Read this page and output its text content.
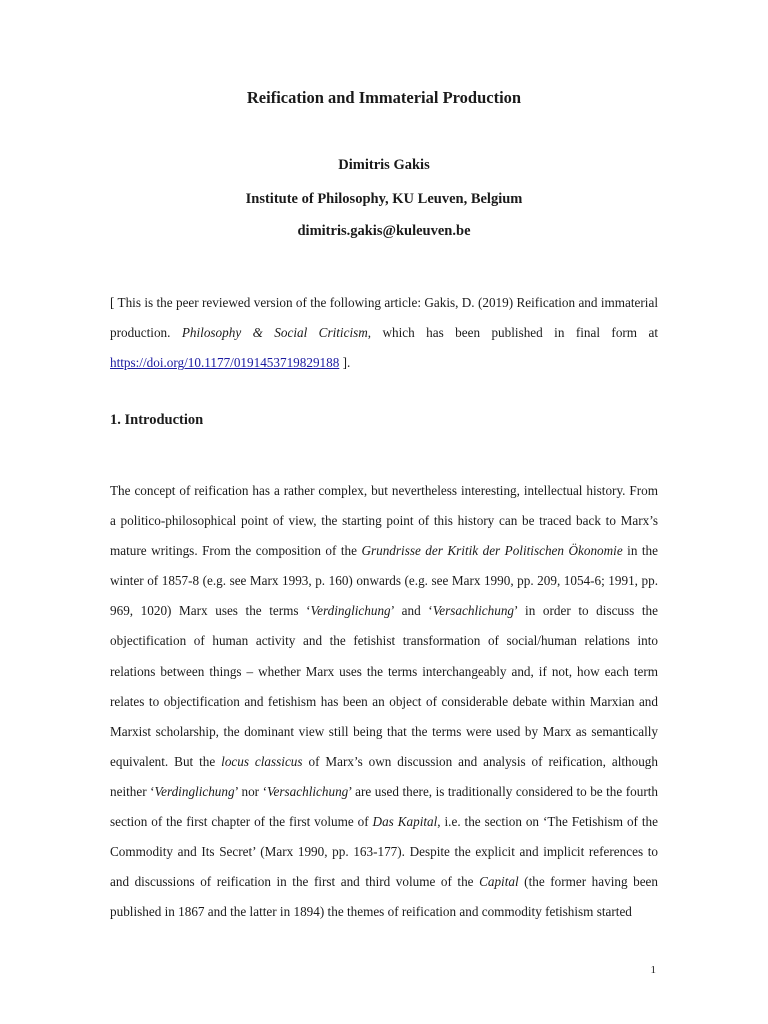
Reification and Immaterial Production
Dimitris Gakis
Institute of Philosophy, KU Leuven, Belgium
dimitris.gakis@kuleuven.be

[ This is the peer reviewed version of the following article: Gakis, D. (2019) Reification and immaterial production. Philosophy & Social Criticism, which has been published in final form at https://doi.org/10.1177/0191453719829188 ].

1. Introduction

The concept of reification has a rather complex, but nevertheless interesting, intellectual history. From a politico-philosophical point of view, the starting point of this history can be traced back to Marx’s mature writings. From the composition of the Grundrisse der Kritik der Politischen Ökonomie in the winter of 1857-8 (e.g. see Marx 1993, p. 160) onwards (e.g. see Marx 1990, pp. 209, 1054-6; 1991, pp. 969, 1020) Marx uses the terms ‘Verdinglichung’ and ‘Versachlichung’ in order to discuss the objectification of human activity and the fetishist transformation of social/human relations into relations between things – whether Marx uses the terms interchangeably and, if not, how each term relates to objectification and fetishism has been an object of considerable debate within Marxian and Marxist scholarship, the dominant view still being that the terms were used by Marx as semantically equivalent. But the locus classicus of Marx’s own discussion and analysis of reification, although neither ‘Verdinglichung’ nor ‘Versachlichung’ are used there, is traditionally considered to be the fourth section of the first chapter of the first volume of Das Kapital, i.e. the section on ‘The Fetishism of the Commodity and Its Secret’ (Marx 1990, pp. 163-177). Despite the explicit and implicit references to and discussions of reification in the first and third volume of the Capital (the former having been published in 1867 and the latter in 1894) the themes of reification and commodity fetishism started

1
